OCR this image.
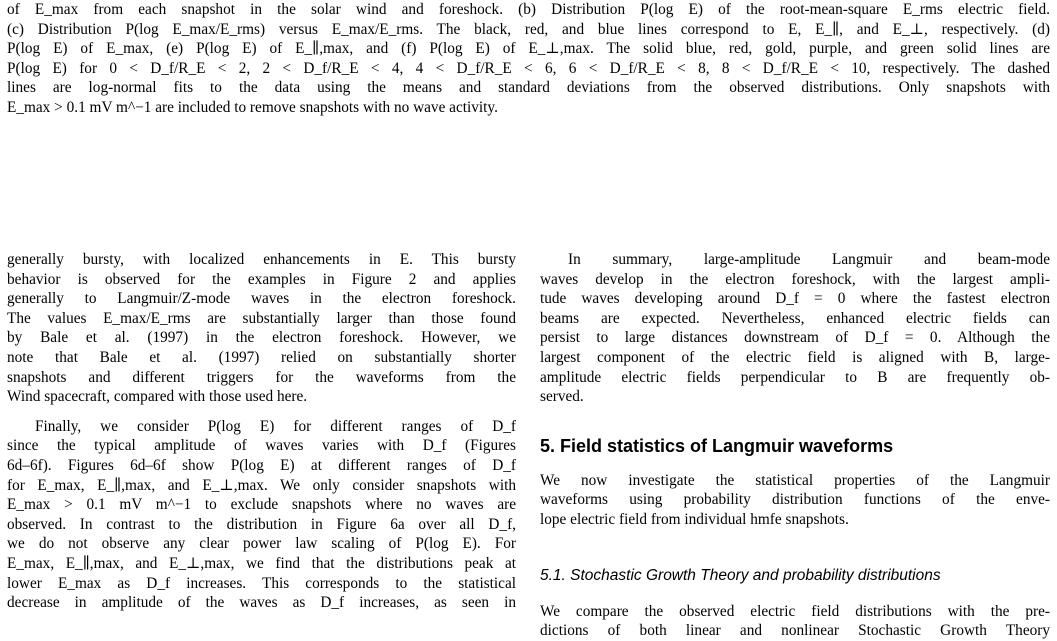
of E_max from each snapshot in the solar wind and foreshock. (b) Distribution P(log E) of the root-mean-square E_rms electric field.
(c) Distribution P(log E_max/E_rms) versus E_max/E_rms. The black, red, and blue lines correspond to E, E_∥, and E_⊥, respectively. (d)
P(log E) of E_max, (e) P(log E) of E_∥,max, and (f) P(log E) of E_⊥,max. The solid blue, red, gold, purple, and green solid lines are
P(log E) for 0 < D_f/R_E < 2, 2 < D_f/R_E < 4, 4 < D_f/R_E < 6, 6 < D_f/R_E < 8, 8 < D_f/R_E < 10, respectively. The dashed
lines are log-normal fits to the data using the means and standard deviations from the observed distributions. Only snapshots with
E_max > 0.1 mV m^−1 are included to remove snapshots with no wave activity.
generally bursty, with localized enhancements in E. This bursty
behavior is observed for the examples in Figure 2 and applies
generally to Langmuir/Z-mode waves in the electron foreshock.
The values E_max/E_rms are substantially larger than those found
by Bale et al. (1997) in the electron foreshock. However, we
note that Bale et al. (1997) relied on substantially shorter
snapshots and different triggers for the waveforms from the
Wind spacecraft, compared with those used here.
Finally, we consider P(log E) for different ranges of D_f
since the typical amplitude of waves varies with D_f (Figures
6d–6f). Figures 6d–6f show P(log E) at different ranges of D_f
for E_max, E_∥,max, and E_⊥,max. We only consider snapshots with
E_max > 0.1 mV m^−1 to exclude snapshots where no waves are
observed. In contrast to the distribution in Figure 6a over all D_f,
we do not observe any clear power law scaling of P(log E). For
E_max, E_∥,max, and E_⊥,max, we find that the distributions peak at
lower E_max as D_f increases. This corresponds to the statistical
decrease in amplitude of the waves as D_f increases, as seen in
In summary, large-amplitude Langmuir and beam-mode
waves develop in the electron foreshock, with the largest ampli-
tude waves developing around D_f = 0 where the fastest electron
beams are expected. Nevertheless, enhanced electric fields can
persist to large distances downstream of D_f = 0. Although the
largest component of the electric field is aligned with B, large-
amplitude electric fields perpendicular to B are frequently ob-
served.
5. Field statistics of Langmuir waveforms
We now investigate the statistical properties of the Langmuir
waveforms using probability distribution functions of the enve-
lope electric field from individual hmfe snapshots.
5.1. Stochastic Growth Theory and probability distributions
We compare the observed electric field distributions with the pre-
dictions of both linear and nonlinear Stochastic Growth Theory
